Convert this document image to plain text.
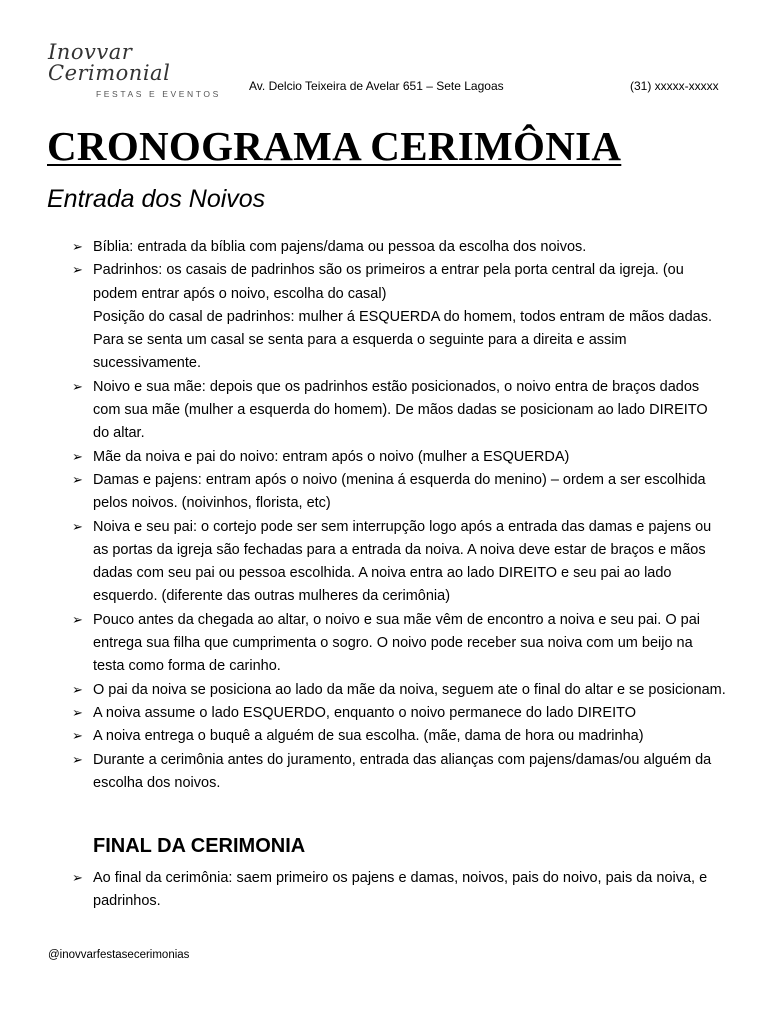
Inovvar Cerimonial
FESTAS E EVENTOS
Av. Delcio Teixeira de Avelar 651 – Sete Lagoas	(31) xxxxx-xxxxx
CRONOGRAMA CERIMÔNIA
Entrada dos Noivos
➢ Bíblia: entrada da bíblia com pajens/dama ou pessoa da escolha dos noivos.
➢ Padrinhos: os casais de padrinhos são os primeiros a entrar pela porta central da igreja. (ou podem entrar após o noivo, escolha do casal)
Posição do casal de padrinhos: mulher á ESQUERDA do homem, todos entram de mãos dadas. Para se senta um casal se senta para a esquerda o seguinte para a direita e assim sucessivamente.
➢ Noivo e sua mãe: depois que os padrinhos estão posicionados, o noivo entra de braços dados com sua mãe (mulher a esquerda do homem). De mãos dadas se posicionam ao lado DIREITO do altar.
➢ Mãe da noiva e pai do noivo: entram após o noivo (mulher a ESQUERDA)
➢ Damas e pajens: entram após o noivo (menina á esquerda do menino) – ordem a ser escolhida pelos noivos. (noivinhos, florista, etc)
➢ Noiva e seu pai: o cortejo pode ser sem interrupção logo após a entrada das damas e pajens ou as portas da igreja são fechadas para a entrada da noiva. A noiva deve estar de braços e mãos dadas com seu pai ou pessoa escolhida. A noiva entra ao lado DIREITO e seu pai ao lado esquerdo. (diferente das outras mulheres da cerimônia)
➢ Pouco antes da chegada ao altar, o noivo e sua mãe vêm de encontro a noiva e seu pai. O pai entrega sua filha que cumprimenta o sogro. O noivo pode receber sua noiva com um beijo na testa como forma de carinho.
➢ O pai da noiva se posiciona ao lado da mãe da noiva, seguem ate o final do altar e se posicionam.
➢ A noiva assume o lado ESQUERDO, enquanto o noivo permanece do lado DIREITO
➢ A noiva entrega o buquê a alguém de sua escolha. (mãe, dama de hora ou madrinha)
➢ Durante a cerimônia antes do juramento, entrada das alianças com pajens/damas/ou alguém da escolha dos noivos.
FINAL DA CERIMONIA
➢ Ao final da cerimônia: saem primeiro os pajens e damas, noivos, pais do noivo, pais da noiva, e padrinhos.
@inovvarfestasecerimonias
